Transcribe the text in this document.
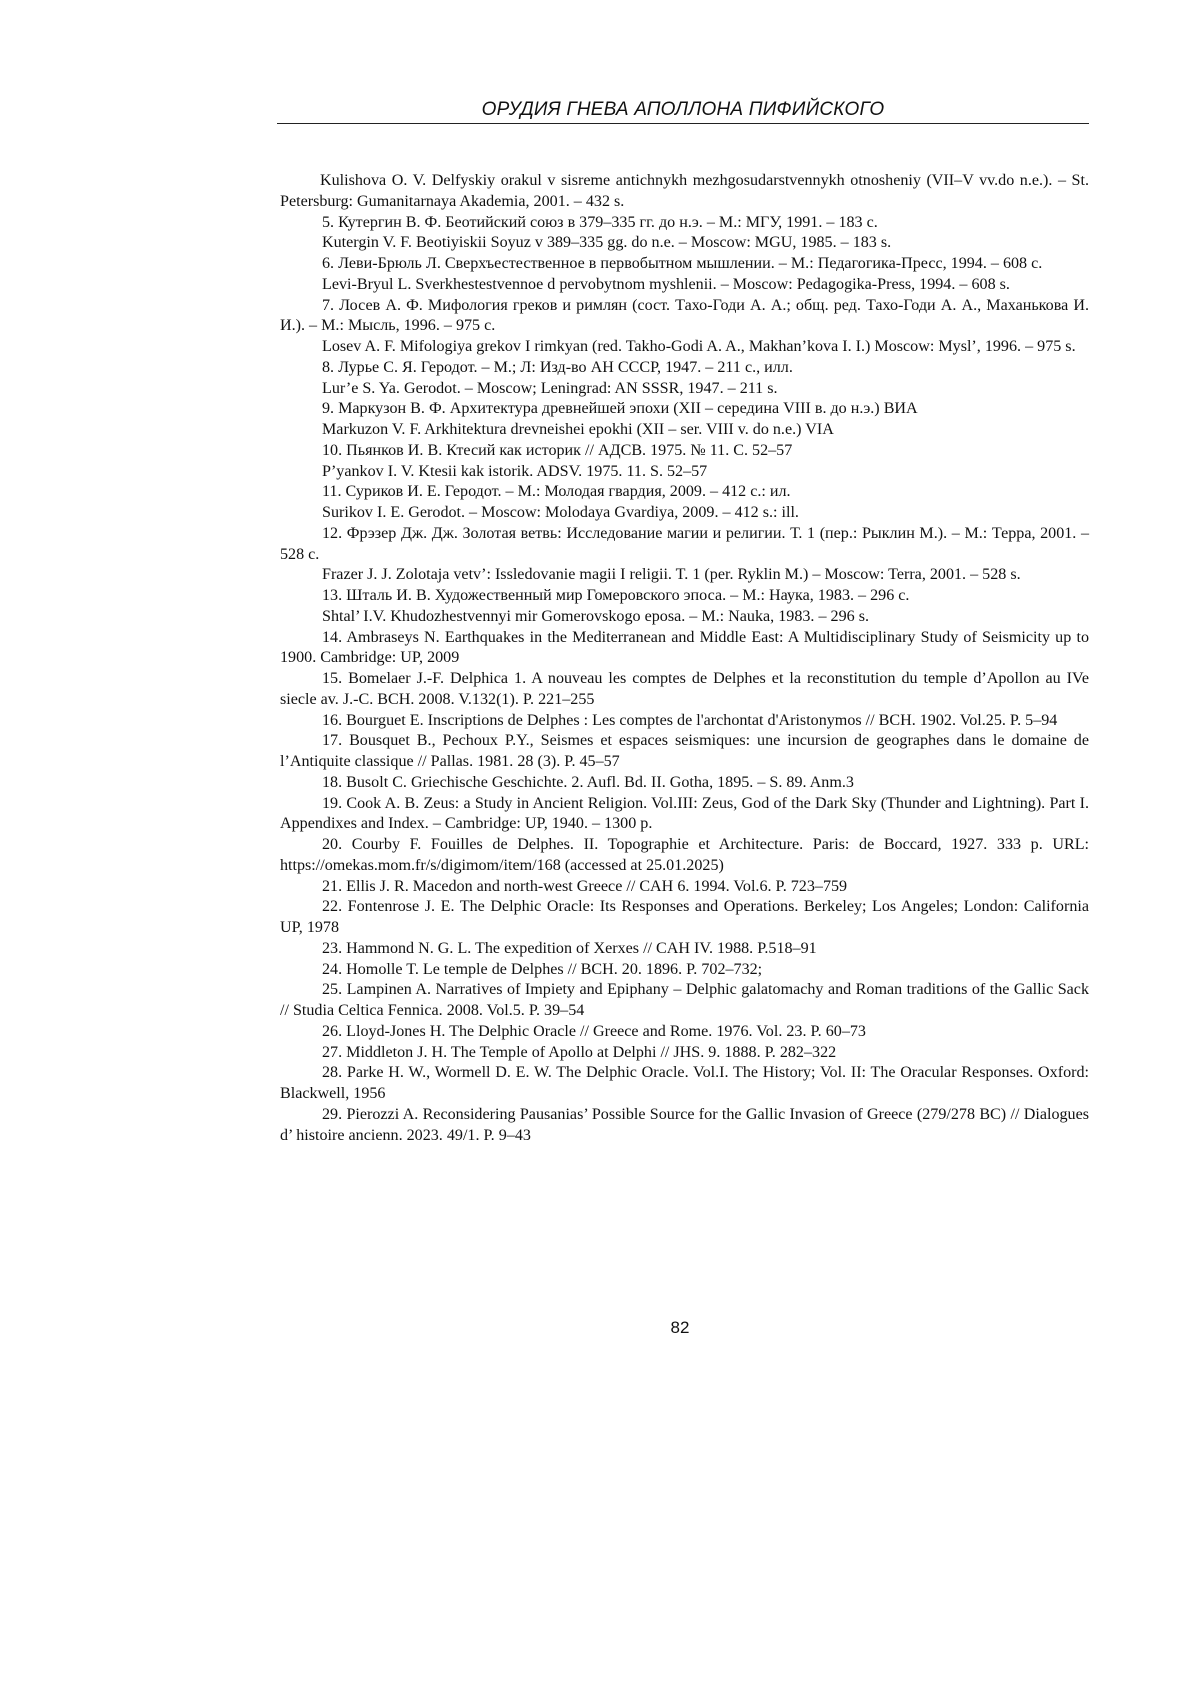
ОРУДИЯ ГНЕВА АПОЛЛОНА ПИФИЙСКОГО

Kulishova O. V. Delfyskiy orakul v sisreme antichnykh mezhgosudarstvennykh otnosheniy (VII–V vv.do n.e.). – St. Petersburg: Gumanitarnaya Akademia, 2001. – 432 s.

5. Кутергин В. Ф. Беотийский союз в 379–335 гг. до н.э. – М.: МГУ, 1991. – 183 с.

Kutergin V. F. Beotiyiskii Soyuz v 389–335 gg. do n.e. – Moscow: MGU, 1985. – 183 s.

6. Леви-Брюль Л. Сверхъестественное в первобытном мышлении. – М.: Педагогика-Пресс, 1994. – 608 с.

Levi-Bryul L. Sverkhestestvennoe d pervobytnom myshlenii. – Moscow: Pedagogika-Press, 1994. – 608 s.

7. Лосев А. Ф. Мифология греков и римлян (сост. Тахо-Годи А. А.; общ. ред. Тахо-Годи А. А., Маханькова И. И.). – М.: Мысль, 1996. – 975 с.

Losev A. F. Mifologiya grekov I rimkyan (red. Takho-Godi A. A., Makhan’kova I. I.) Moscow: Mysl’, 1996. – 975 s.

8. Лурье С. Я. Геродот. – М.; Л: Изд-во АН СССР, 1947. – 211 с., илл.

Lur’e S. Ya. Gerodot. – Moscow; Leningrad: AN SSSR, 1947. – 211 s.

9. Маркузон В. Ф. Архитектура древнейшей эпохи (XII – середина VIII в. до н.э.) ВИА

Markuzon V. F. Arkhitektura drevneishei epokhi (XII – ser. VIII v. do n.e.) VIA

10. Пьянков И. В. Ктесий как историк // АДСВ. 1975. № 11. С. 52–57

P’yankov I. V. Ktesii kak istorik. ADSV. 1975. 11. S. 52–57

11. Суриков И. Е. Геродот. – М.: Молодая гвардия, 2009. – 412 с.: ил.

Surikov I. E. Gerodot. – Moscow: Molodaya Gvardiya, 2009. – 412 s.: ill.

12. Фрэзер Дж. Дж. Золотая ветвь: Исследование магии и религии. Т. 1 (пер.: Рыклин М.). – М.: Терра, 2001. – 528 с.

Frazer J. J. Zolotaja vetv’: Issledovanie magii I religii. T. 1 (per. Ryklin M.) – Moscow: Terra, 2001. – 528 s.

13. Шталь И. В. Художественный мир Гомеровского эпоса. – М.: Наука, 1983. – 296 с.

Shtal’ I.V. Khudozhestvennyi mir Gomerovskogo eposa. – M.: Nauka, 1983. – 296 s.

14. Ambraseys N. Earthquakes in the Mediterranean and Middle East: A Multidisciplinary Study of Seismicity up to 1900. Cambridge: UP, 2009

15. Bomelaer J.-F. Delphica 1. A nouveau les comptes de Delphes et la reconstitution du temple d’Apollon au IVe siecle av. J.-C. BCH. 2008. V.132(1). P. 221–255

16. Bourguet E. Inscriptions de Delphes : Les comptes de l'archontat d'Aristonymos // BCH. 1902. Vol.25. P. 5–94

17. Bousquet B., Pechoux P.Y., Seismes et espaces seismiques: une incursion de geographes dans le domaine de l’Antiquite classique // Pallas. 1981. 28 (3). P. 45–57

18. Busolt C. Griechische Geschichte. 2. Aufl. Bd. II. Gotha, 1895. – S. 89. Anm.3

19. Cook A. B. Zeus: a Study in Ancient Religion. Vol.III: Zeus, God of the Dark Sky (Thunder and Lightning). Part I. Appendixes and Index. – Cambridge: UP, 1940. – 1300 p.

20. Courby F. Fouilles de Delphes. II. Topographie et Architecture. Paris: de Boccard, 1927. 333 p. URL: https://omekas.mom.fr/s/digimom/item/168 (accessed at 25.01.2025)

21. Ellis J. R. Macedon and north-west Greece // CAH 6. 1994. Vol.6. P. 723–759

22. Fontenrose J. E. The Delphic Oracle: Its Responses and Operations. Berkeley; Los Angeles; London: California UP, 1978

23. Hammond N. G. L. The expedition of Xerxes // CAH IV. 1988. P.518–91

24. Homolle T. Le temple de Delphes // BCH. 20. 1896. P. 702–732;

25. Lampinen A. Narratives of Impiety and Epiphany – Delphic galatomachy and Roman traditions of the Gallic Sack // Studia Celtica Fennica. 2008. Vol.5. P. 39–54

26. Lloyd-Jones H. The Delphic Oracle // Greece and Rome. 1976. Vol. 23. P. 60–73

27. Middleton J. H. The Temple of Apollo at Delphi // JHS. 9. 1888. P. 282–322

28. Parke H. W., Wormell D. E. W. The Delphic Oracle. Vol.I. The History; Vol. II: The Oracular Responses. Oxford: Blackwell, 1956

29. Pierozzi A. Reconsidering Pausanias’ Possible Source for the Gallic Invasion of Greece (279/278 BC) // Dialogues d’ histoire ancienn. 2023. 49/1. P. 9–43

82
